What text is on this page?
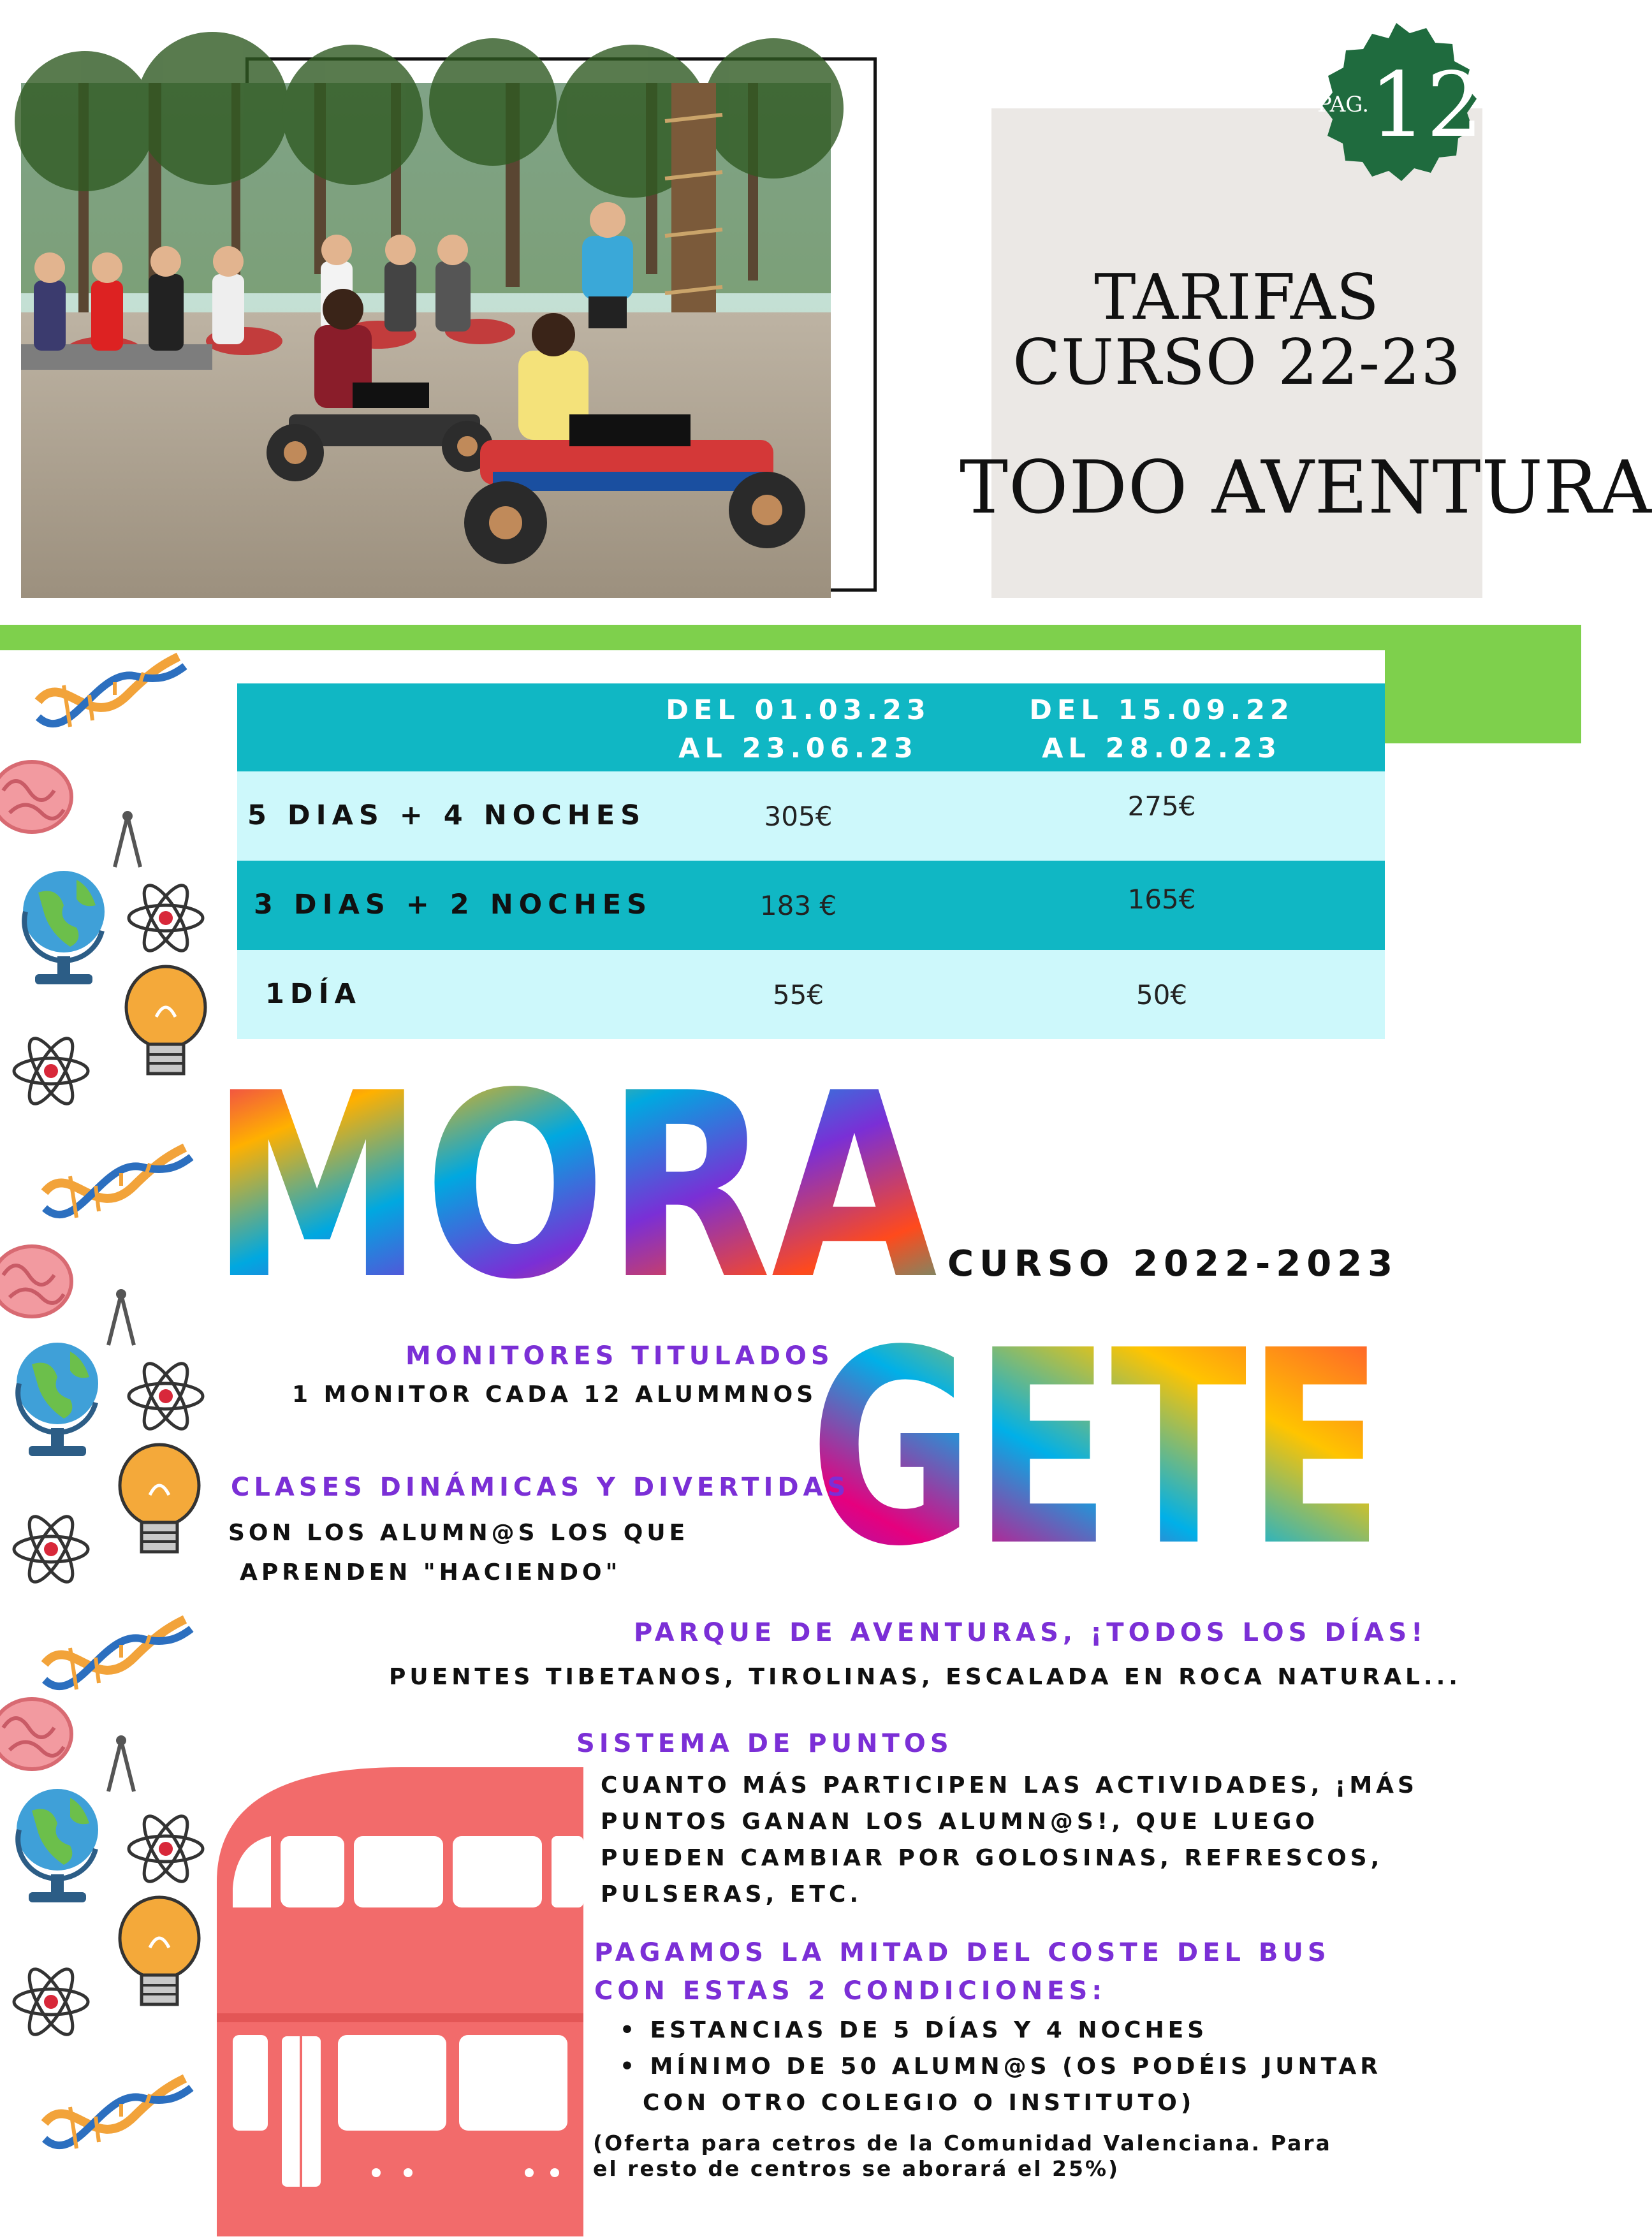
TARIFAS
CURSO 22-23
TODO AVENTURA
PAG. 12
DEL 01.03.23
AL 23.06.23
DEL 15.09.22
AL 28.02.23
5 DIAS + 4 NOCHES	305€	275€
3 DIAS + 2 NOCHES	183 €	165€
1DÍA	55€	50€
MORA CURSO 2022-2023
GETE
MONITORES TITULADOS
1 MONITOR CADA 12 ALUMMNOS
CLASES DINÁMICAS Y DIVERTIDAS
SON LOS ALUMN@S LOS QUE
APRENDEN "HACIENDO"
PARQUE DE AVENTURAS, ¡TODOS LOS DÍAS!
PUENTES TIBETANOS, TIROLINAS, ESCALADA EN ROCA NATURAL...
SISTEMA DE PUNTOS
CUANTO MÁS PARTICIPEN LAS ACTIVIDADES, ¡MÁS
PUNTOS GANAN LOS ALUMN@S!, QUE LUEGO
PUEDEN CAMBIAR POR GOLOSINAS, REFRESCOS,
PULSERAS, ETC.
PAGAMOS LA MITAD DEL COSTE DEL BUS
CON ESTAS 2 CONDICIONES:
• ESTANCIAS DE 5 DÍAS Y 4 NOCHES
• MÍNIMO DE 50 ALUMN@S (OS PODÉIS JUNTAR
CON OTRO COLEGIO O INSTITUTO)
(Oferta para cetros de la Comunidad Valenciana. Para
el resto de centros se aborará el 25%)
